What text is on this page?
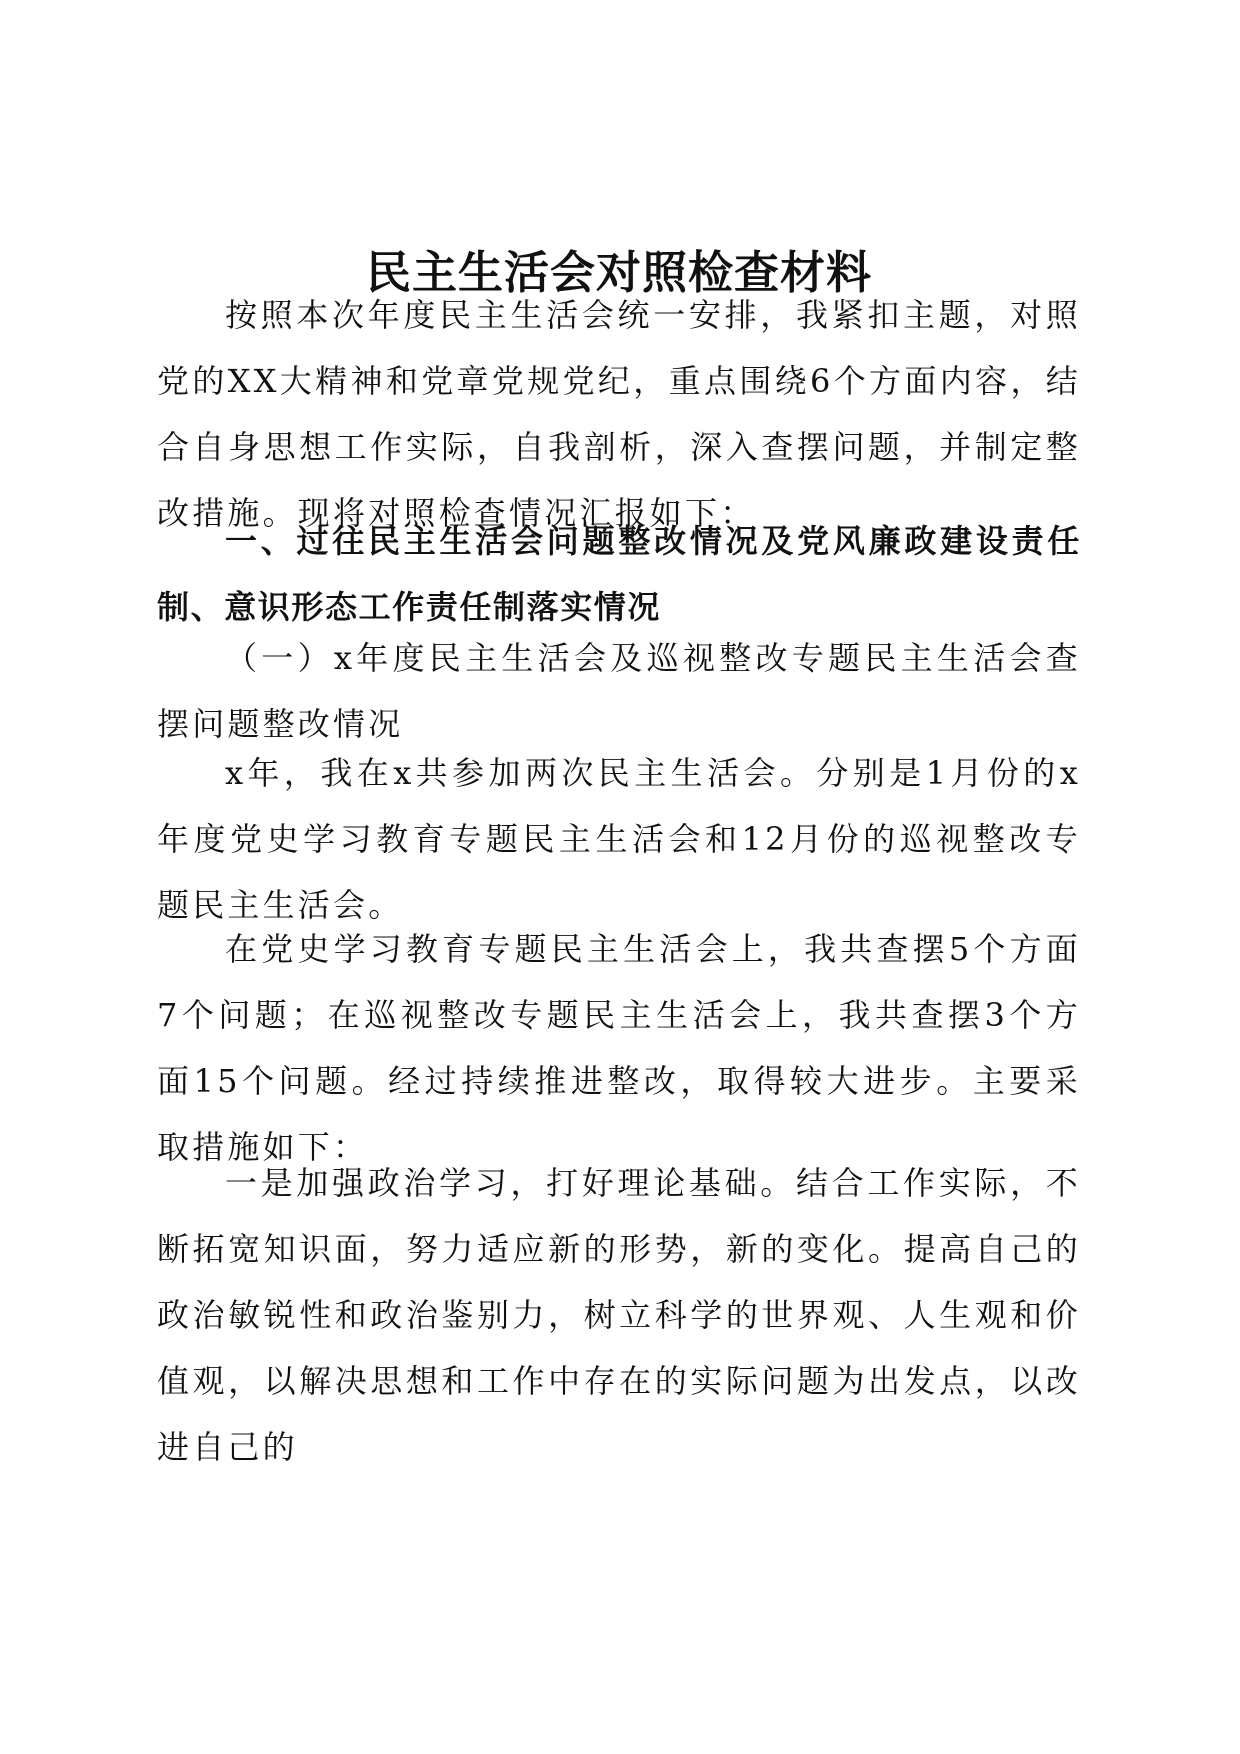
民主生活会对照检查材料

按照本次年度民主生活会统一安排，我紧扣主题，对照党的XX大精神和党章党规党纪，重点围绕6个方面内容，结合自身思想工作实际，自我剖析，深入查摆问题，并制定整改措施。现将对照检查情况汇报如下：

一、过往民主生活会问题整改情况及党风廉政建设责任制、意识形态工作责任制落实情况

（一）x年度民主生活会及巡视整改专题民主生活会查摆问题整改情况

x年，我在x共参加两次民主生活会。分别是1月份的x年度党史学习教育专题民主生活会和12月份的巡视整改专题民主生活会。

在党史学习教育专题民主生活会上，我共查摆5个方面7个问题；在巡视整改专题民主生活会上，我共查摆3个方面15个问题。经过持续推进整改，取得较大进步。主要采取措施如下：

一是加强政治学习，打好理论基础。结合工作实际，不断拓宽知识面，努力适应新的形势，新的变化。提高自己的政治敏锐性和政治鉴别力，树立科学的世界观、人生观和价值观，以解决思想和工作中存在的实际问题为出发点，以改进自己的
